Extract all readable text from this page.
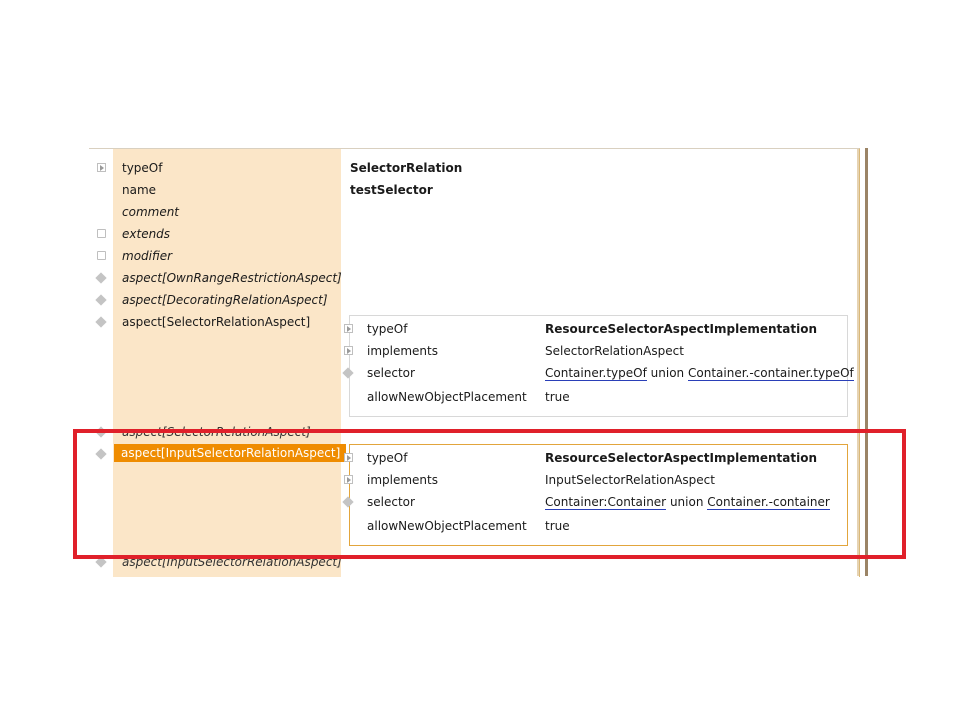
typeOf	SelectorRelation
name	testSelector
comment
extends
modifier
aspect[OwnRangeRestrictionAspect]
aspect[DecoratingRelationAspect]
aspect[SelectorRelationAspect]	typeOf	ResourceSelectorAspectImplementation
implements	SelectorRelationAspect
selector	Container.typeOf union Container.-container.typeOf
allowNewObjectPlacement true
aspect[SelectorRelationAspect]
aspect[InputSelectorRelationAspect]	typeOf	ResourceSelectorAspectImplementation
implements	InputSelectorRelationAspect
selector	Container:Container union Container.-container
allowNewObjectPlacement true
aspect[InputSelectorRelationAspect]
